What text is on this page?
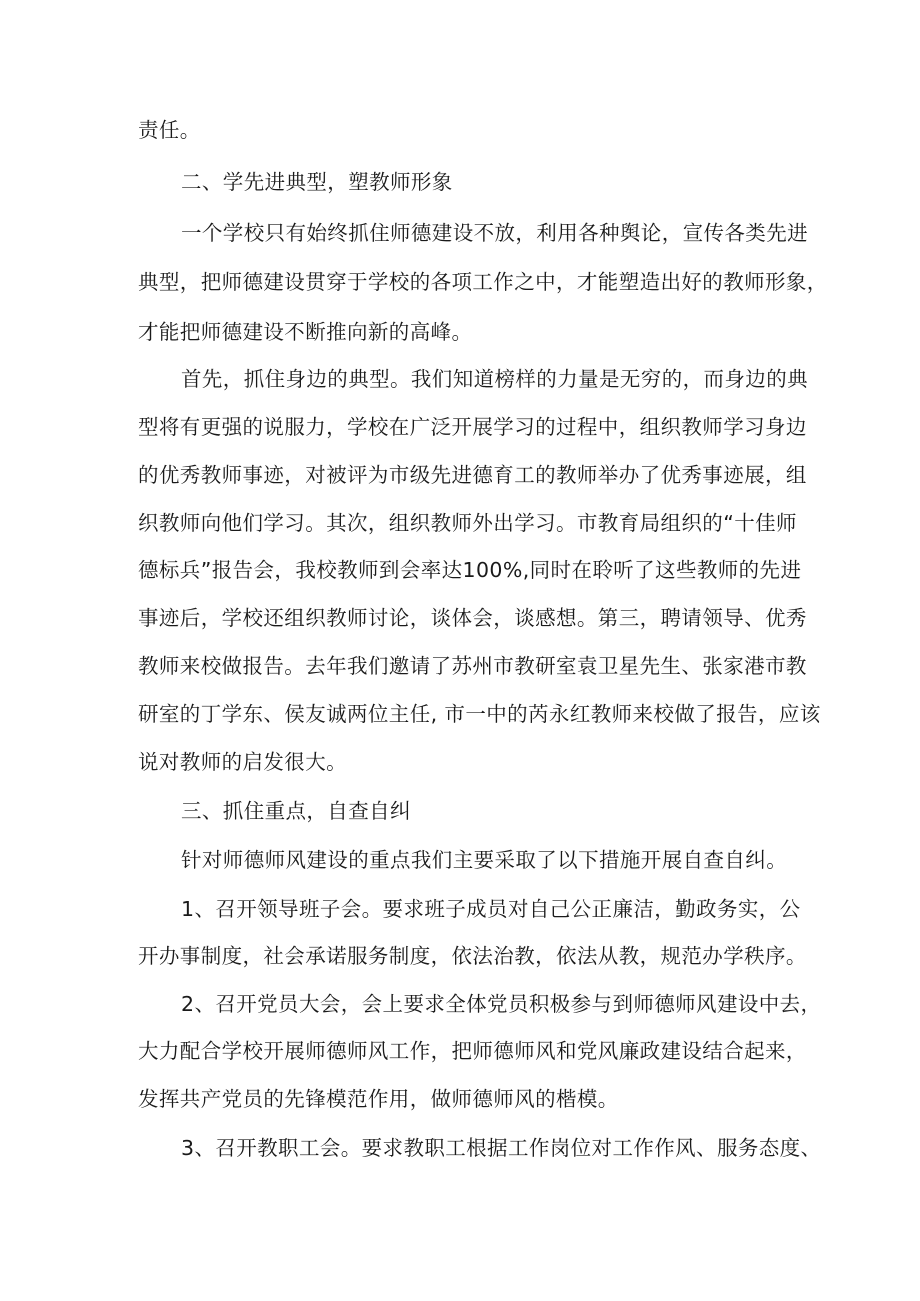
责任。
二、学先进典型，塑教师形象
一个学校只有始终抓住师德建设不放，利用各种舆论，宣传各类先进
典型，把师德建设贯穿于学校的各项工作之中，才能塑造出好的教师形象，
才能把师德建设不断推向新的高峰。
首先，抓住身边的典型。我们知道榜样的力量是无穷的，而身边的典
型将有更强的说服力，学校在广泛开展学习的过程中，组织教师学习身边
的优秀教师事迹，对被评为市级先进德育工的教师举办了优秀事迹展，组
织教师向他们学习。其次，组织教师外出学习。市教育局组织的“十佳师
德标兵”报告会，我校教师到会率达100%,同时在聆听了这些教师的先进
事迹后，学校还组织教师讨论，谈体会，谈感想。第三，聘请领导、优秀
教师来校做报告。去年我们邀请了苏州市教研室袁卫星先生、张家港市教
研室的丁学东、侯友诚两位主任, 市一中的芮永红教师来校做了报告，应该
说对教师的启发很大。
三、抓住重点，自查自纠
针对师德师风建设的重点我们主要采取了以下措施开展自查自纠。
1、召开领导班子会。要求班子成员对自己公正廉洁，勤政务实，公
开办事制度，社会承诺服务制度，依法治教，依法从教，规范办学秩序。
2、召开党员大会，会上要求全体党员积极参与到师德师风建设中去，
大力配合学校开展师德师风工作，把师德师风和党风廉政建设结合起来，
发挥共产党员的先锋模范作用，做师德师风的楷模。
3、召开教职工会。要求教职工根据工作岗位对工作作风、服务态度、
